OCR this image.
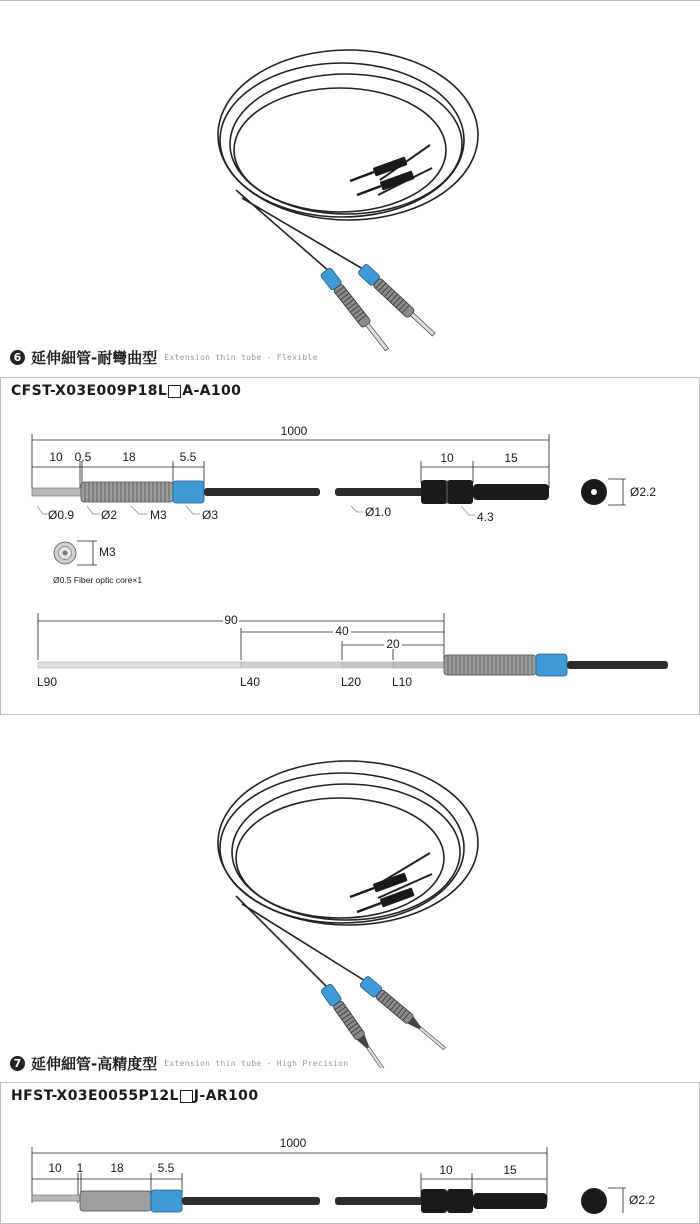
6 延伸細管-耐彎曲型 Extension thin tube - Flexible
CFST-X03E009P18L A-A100
1000
10 0.5	18	5.5	10	15
Ø0.9 Ø2	M3	Ø3	Ø1.0	4.3
Ø2.2
M3
Ø0.5 Fiber optic core×1
90
40
20
L90	L40	L20	L10
7 延伸細管-高精度型 Extension thin tube - High Precision
HFST-X03E0055P12L J-AR100
1000
10 1 18	5.5	10	15
Ø2.2
